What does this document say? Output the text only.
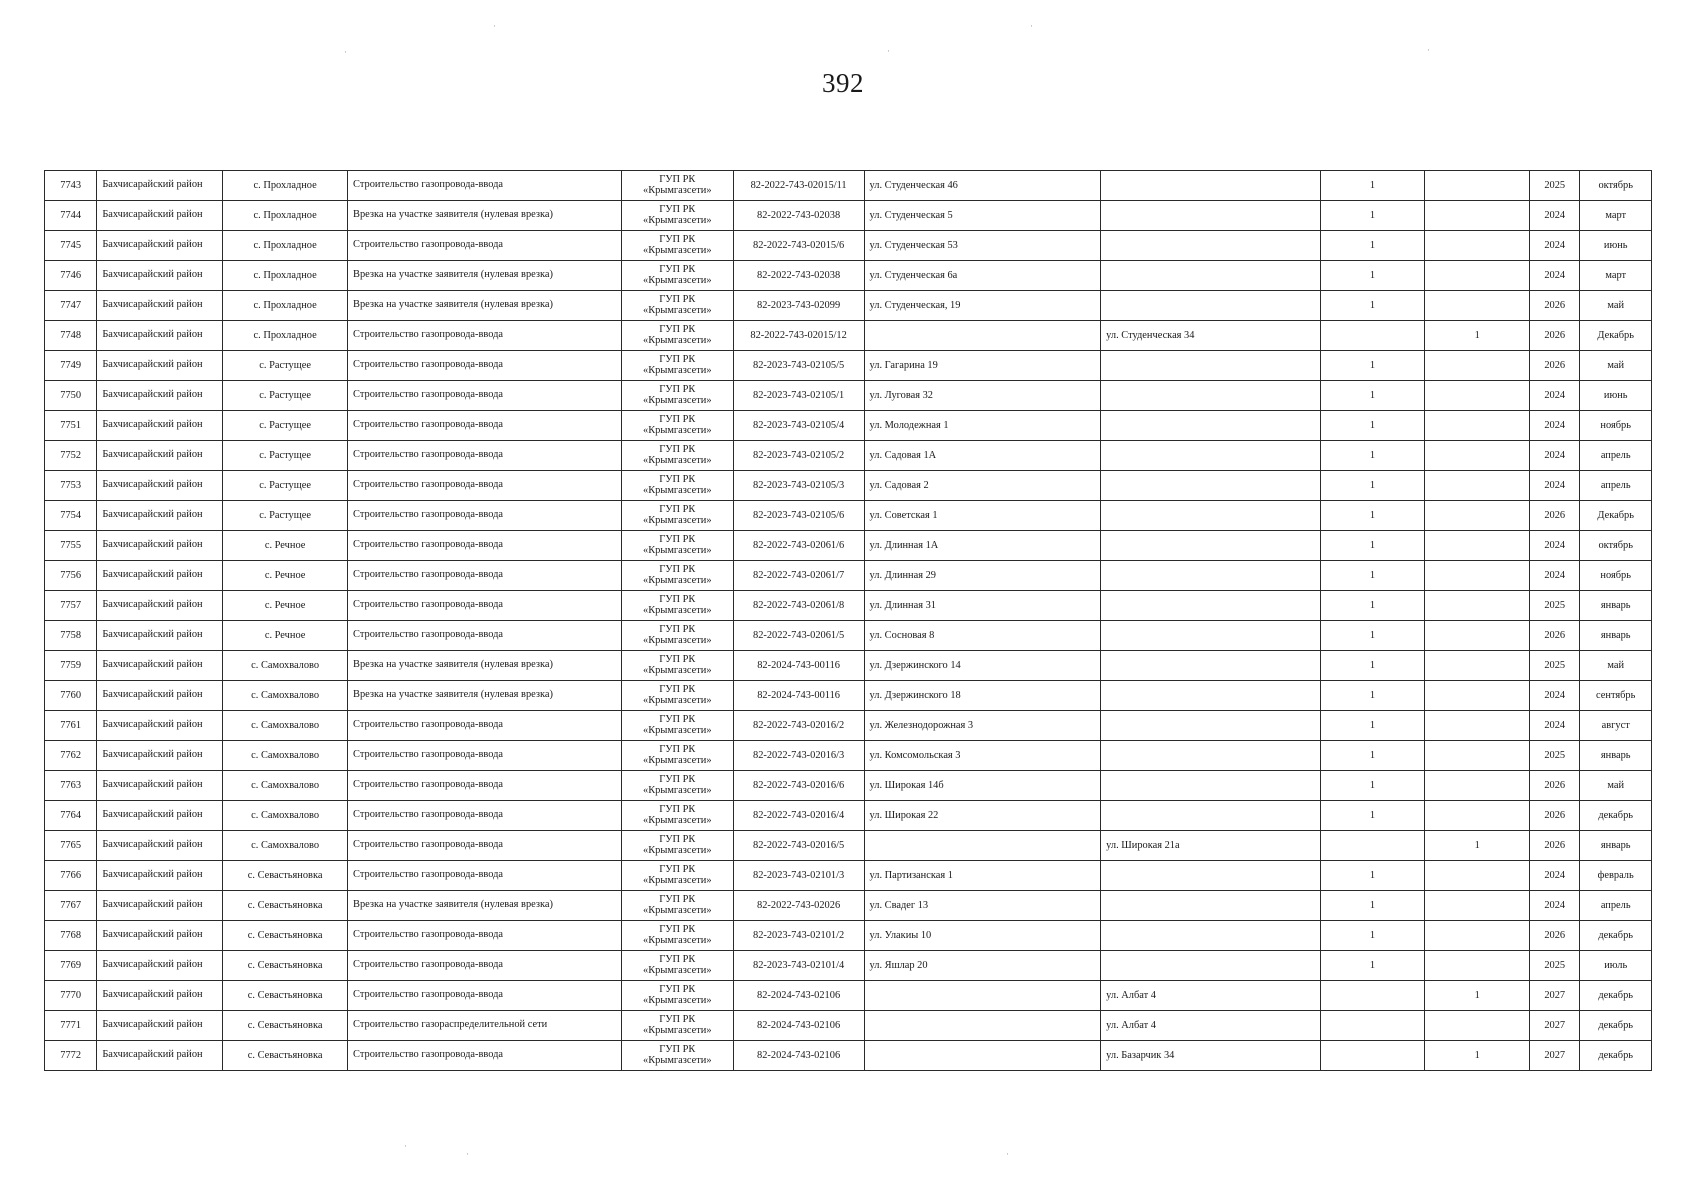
392
·
·
·
·
·
·
·	·
7743	Бахчисарайский район	с. Прохладное	Строительство газопровода-ввода	ГУП РК «Крымгазсети»	82-2022-743-02015/11	ул. Студенческая 46		1		2025	октябрь
7744	Бахчисарайский район	с. Прохладное	Врезка на участке заявителя (нулевая врезка)	ГУП РК «Крымгазсети»	82-2022-743-02038	ул. Студенческая 5		1		2024	март
7745	Бахчисарайский район	с. Прохладное	Строительство газопровода-ввода	ГУП РК «Крымгазсети»	82-2022-743-02015/6	ул. Студенческая 53		1		2024	июнь
7746	Бахчисарайский район	с. Прохладное	Врезка на участке заявителя (нулевая врезка)	ГУП РК «Крымгазсети»	82-2022-743-02038	ул. Студенческая 6а		1		2024	март
7747	Бахчисарайский район	с. Прохладное	Врезка на участке заявителя (нулевая врезка)	ГУП РК «Крымгазсети»	82-2023-743-02099	ул. Студенческая, 19		1		2026	май
7748	Бахчисарайский район	с. Прохладное	Строительство газопровода-ввода	ГУП РК «Крымгазсети»	82-2022-743-02015/12		ул. Студенческая 34		1	2026	Декабрь
7749	Бахчисарайский район	с. Растущее	Строительство газопровода-ввода	ГУП РК «Крымгазсети»	82-2023-743-02105/5	ул. Гагарина 19		1		2026	май
7750	Бахчисарайский район	с. Растущее	Строительство газопровода-ввода	ГУП РК «Крымгазсети»	82-2023-743-02105/1	ул. Луговая 32		1		2024	июнь
7751	Бахчисарайский район	с. Растущее	Строительство газопровода-ввода	ГУП РК «Крымгазсети»	82-2023-743-02105/4	ул. Молодежная 1		1		2024	ноябрь
7752	Бахчисарайский район	с. Растущее	Строительство газопровода-ввода	ГУП РК «Крымгазсети»	82-2023-743-02105/2	ул. Садовая 1А		1		2024	апрель
7753	Бахчисарайский район	с. Растущее	Строительство газопровода-ввода	ГУП РК «Крымгазсети»	82-2023-743-02105/3	ул. Садовая 2		1		2024	апрель
7754	Бахчисарайский район	с. Растущее	Строительство газопровода-ввода	ГУП РК «Крымгазсети»	82-2023-743-02105/6	ул. Советская 1		1		2026	Декабрь
7755	Бахчисарайский район	с. Речное	Строительство газопровода-ввода	ГУП РК «Крымгазсети»	82-2022-743-02061/6	ул. Длинная 1А		1		2024	октябрь
7756	Бахчисарайский район	с. Речное	Строительство газопровода-ввода	ГУП РК «Крымгазсети»	82-2022-743-02061/7	ул. Длинная 29		1		2024	ноябрь
7757	Бахчисарайский район	с. Речное	Строительство газопровода-ввода	ГУП РК «Крымгазсети»	82-2022-743-02061/8	ул. Длинная 31		1		2025	январь
7758	Бахчисарайский район	с. Речное	Строительство газопровода-ввода	ГУП РК «Крымгазсети»	82-2022-743-02061/5	ул. Сосновая 8		1		2026	январь
7759	Бахчисарайский район	с. Самохвалово	Врезка на участке заявителя (нулевая врезка)	ГУП РК «Крымгазсети»	82-2024-743-00116	ул. Дзержинского 14		1		2025	май
7760	Бахчисарайский район	с. Самохвалово	Врезка на участке заявителя (нулевая врезка)	ГУП РК «Крымгазсети»	82-2024-743-00116	ул. Дзержинского 18		1		2024	сентябрь
7761	Бахчисарайский район	с. Самохвалово	Строительство газопровода-ввода	ГУП РК «Крымгазсети»	82-2022-743-02016/2	ул. Железнодорожная 3		1		2024	август
7762	Бахчисарайский район	с. Самохвалово	Строительство газопровода-ввода	ГУП РК «Крымгазсети»	82-2022-743-02016/3	ул. Комсомольская 3		1		2025	январь
7763	Бахчисарайский район	с. Самохвалово	Строительство газопровода-ввода	ГУП РК «Крымгазсети»	82-2022-743-02016/6	ул. Широкая 14б		1		2026	май
7764	Бахчисарайский район	с. Самохвалово	Строительство газопровода-ввода	ГУП РК «Крымгазсети»	82-2022-743-02016/4	ул. Широкая 22		1		2026	декабрь
7765	Бахчисарайский район	с. Самохвалово	Строительство газопровода-ввода	ГУП РК «Крымгазсети»	82-2022-743-02016/5		ул. Широкая 21а		1	2026	январь
7766	Бахчисарайский район	с. Севастьяновка	Строительство газопровода-ввода	ГУП РК «Крымгазсети»	82-2023-743-02101/3	ул. Партизанская 1		1		2024	февраль
7767	Бахчисарайский район	с. Севастьяновка	Врезка на участке заявителя (нулевая врезка)	ГУП РК «Крымгазсети»	82-2022-743-02026	ул. Свадег 13		1		2024	апрель
7768	Бахчисарайский район	с. Севастьяновка	Строительство газопровода-ввода	ГУП РК «Крымгазсети»	82-2023-743-02101/2	ул. Улакиы 10		1		2026	декабрь
7769	Бахчисарайский район	с. Севастьяновка	Строительство газопровода-ввода	ГУП РК «Крымгазсети»	82-2023-743-02101/4	ул. Яшлар 20		1		2025	июль
7770	Бахчисарайский район	с. Севастьяновка	Строительство газопровода-ввода	ГУП РК «Крымгазсети»	82-2024-743-02106		ул. Албат 4		1	2027	декабрь
7771	Бахчисарайский район	с. Севастьяновка	Строительство газораспределительной сети	ГУП РК «Крымгазсети»	82-2024-743-02106		ул. Албат 4			2027	декабрь
7772	Бахчисарайский район	с. Севастьяновка	Строительство газопровода-ввода	ГУП РК «Крымгазсети»	82-2024-743-02106		ул. Базарчик 34		1	2027	декабрь
